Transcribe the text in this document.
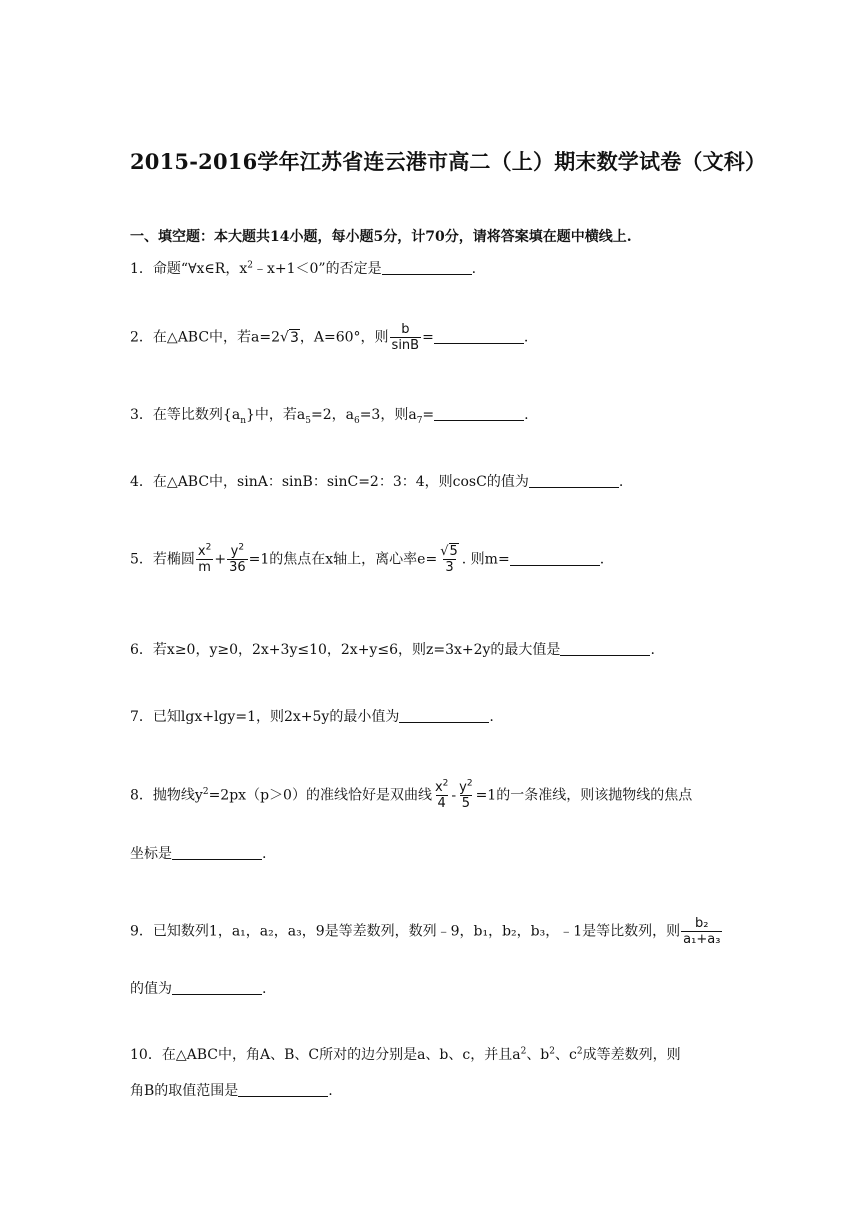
2015-2016学年江苏省连云港市高二（上）期末数学试卷（文科）
一、填空题：本大题共14小题，每小题5分，计70分，请将答案填在题中横线上.
1．命题“∀x∈R，$x^2﹣x+1<0$”的否定是	.
2．在△ABC中，若a=2√3，A=60°，则 $\frac{b}{\sin B}$ =	.
3．在等比数列$\{a_n\}$中，若$a_5=2$，$a_6=3$，则$a_7=$	.
4．在△ABC中，sinA：sinB：sinC=2：3：4，则cosC的值为	.
5．若椭圆 $\frac{x^2}{m} + \frac{y^2}{36} =1$的焦点在x轴上，离心率$e= \frac{√5}{3}$ . 则m=	.
6．若x≥0，y≥0，2x+3y≤10，2x+y≤6，则z=3x+2y的最大值是	.
7．已知lgx+lgy=1，则2x+5y的最小值为	.
8．抛物线$y^2=2px(p>0)$的准线恰好是双曲线 $\frac{x^2}{4} - \frac{y^2}{5} =1$的一条准线，则该抛物线的焦点
坐标是	.
9．已知数列1，a₁，a₂，a₃，9是等差数列，数列﹣9，b₁，b₂，b₃，﹣1是等比数列，则 $\frac{\text{b₂}}{\text{a₁+a₃}}$
的值为	.
10．在△ABC中，角A、B、C所对的边分别是a、b、c，并且$a^2$、$b^2$、$c^2$成等差数列，则
角B的取值范围是	.
